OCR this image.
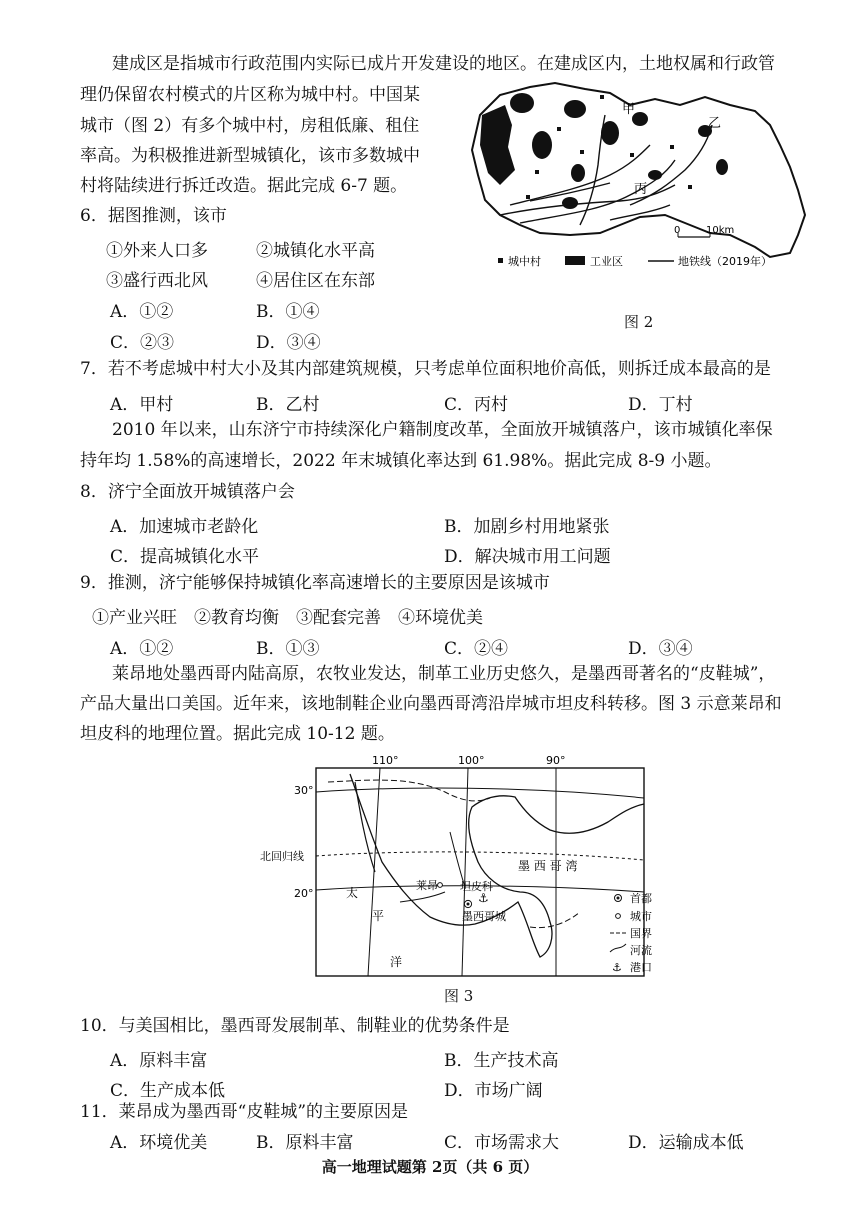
建成区是指城市行政范围内实际已成片开发建设的地区。在建成区内，土地权属和行政管
理仍保留农村模式的片区称为城中村。中国某
城市（图 2）有多个城中村，房租低廉、租住
率高。为积极推进新型城镇化，该市多数城中
村将陆续进行拆迁改造。据此完成 6-7 题。
甲
乙
丙
0	10km
城中村	工业区	地铁线（2019年）
图 2
6．据图推测，该市
①外来人口多	②城镇化水平高
③盛行西北风	④居住区在东部
A．①②	B．①④
C．②③	D．③④
7．若不考虑城中村大小及其内部建筑规模，只考虑单位面积地价高低，则拆迁成本最高的是
A．甲村	B．乙村	C．丙村	D．丁村
2010 年以来，山东济宁市持续深化户籍制度改革，全面放开城镇落户，该市城镇化率保
持年均 1.58%的高速增长，2022 年末城镇化率达到 61.98%。据此完成 8-9 小题。
8．济宁全面放开城镇落户会
A．加速城市老龄化	B．加剧乡村用地紧张
C．提高城镇化水平	D．解决城市用工问题
9．推测，济宁能够保持城镇化率高速增长的主要原因是该城市
①产业兴旺　②教育均衡　③配套完善　④环境优美
A．①②	B．①③	C．②④	D．③④
莱昂地处墨西哥内陆高原，农牧业发达，制革工业历史悠久，是墨西哥著名的“皮鞋城”，
产品大量出口美国。近年来，该地制鞋企业向墨西哥湾沿岸城市坦皮科转移。图 3 示意莱昂和
坦皮科的地理位置。据此完成 10-12 题。
⚓
110°	100°	90°
30°
20°
北回归线
墨 西 哥 湾
太
平
洋
坦皮科
莱昂
墨西哥城
首都
城市
国界
河流
⚓ 港口
图 3
10．与美国相比，墨西哥发展制革、制鞋业的优势条件是
A．原料丰富	B．生产技术高
C．生产成本低	D．市场广阔
11．莱昂成为墨西哥“皮鞋城”的主要原因是
A．环境优美	B．原料丰富	C．市场需求大	D．运输成本低
高一地理试题第 2页（共 6 页）
